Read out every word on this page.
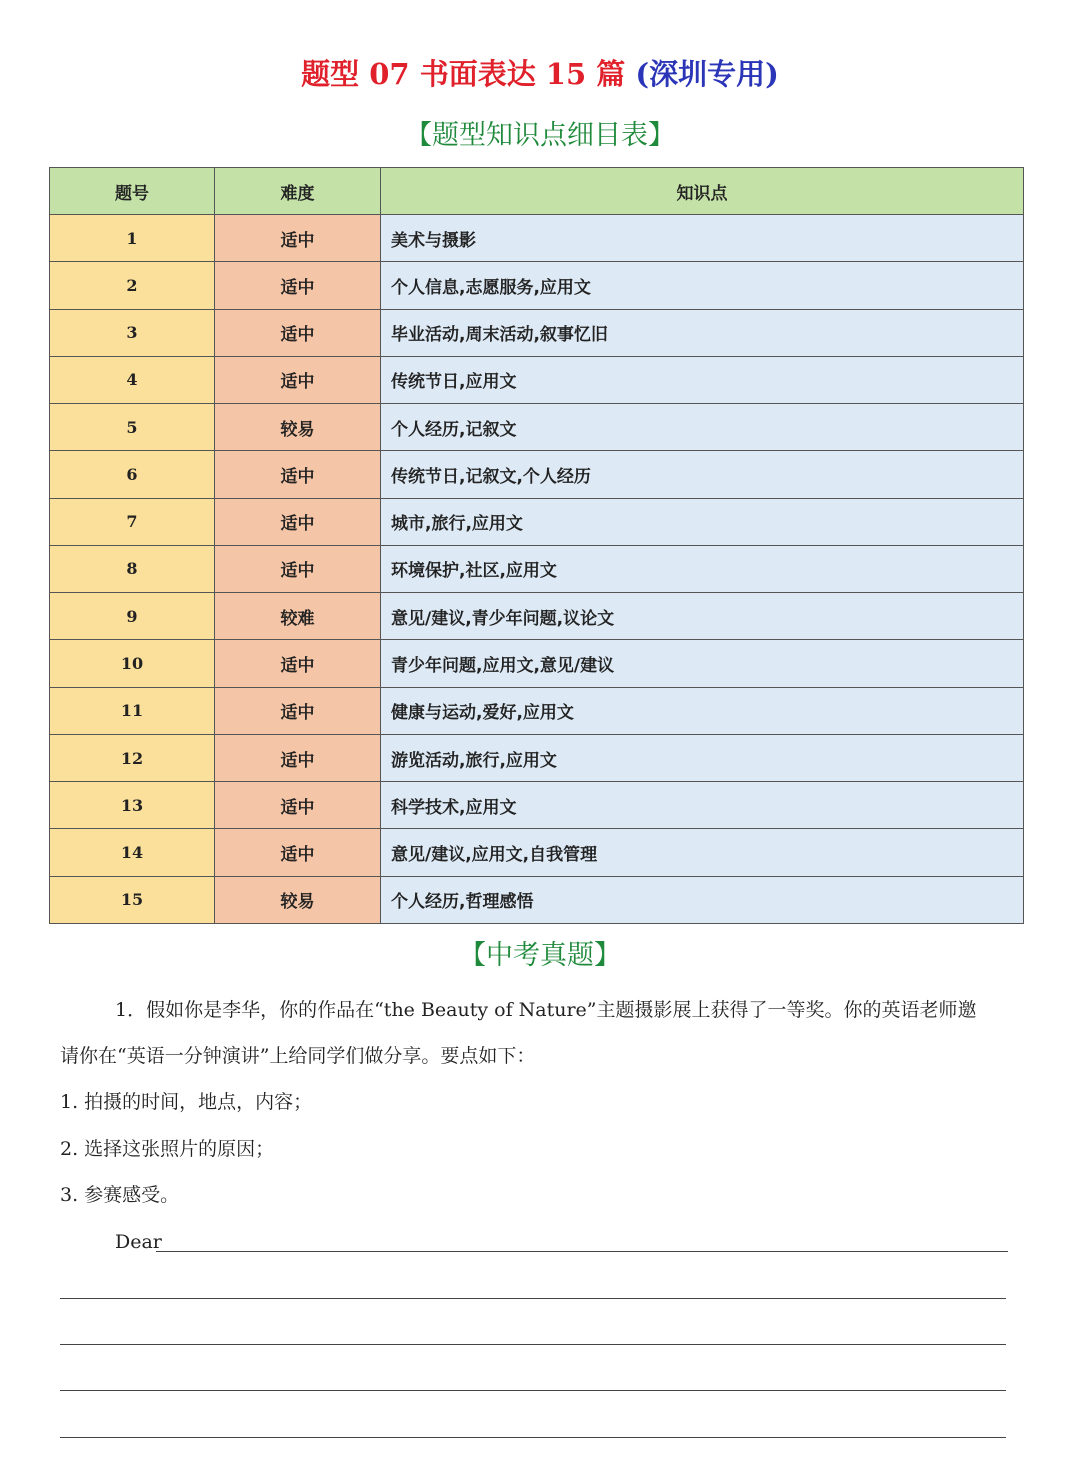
题型 07 书面表达 15 篇 (深圳专用)
【题型知识点细目表】
题号	难度	知识点
1	适中	美术与摄影
2	适中	个人信息,志愿服务,应用文
3	适中	毕业活动,周末活动,叙事忆旧
4	适中	传统节日,应用文
5	较易	个人经历,记叙文
6	适中	传统节日,记叙文,个人经历
7	适中	城市,旅行,应用文
8	适中	环境保护,社区,应用文
9	较难	意见/建议,青少年问题,议论文
10	适中	青少年问题,应用文,意见/建议
11	适中	健康与运动,爱好,应用文
12	适中	游览活动,旅行,应用文
13	适中	科学技术,应用文
14	适中	意见/建议,应用文,自我管理
15	较易	个人经历,哲理感悟
【中考真题】
1．假如你是李华，你的作品在“the Beauty of Nature”主题摄影展上获得了一等奖。你的英语老师邀
请你在“英语一分钟演讲”上给同学们做分享。要点如下：
1. 拍摄的时间，地点，内容；
2. 选择这张照片的原因；
3. 参赛感受。
Dear
